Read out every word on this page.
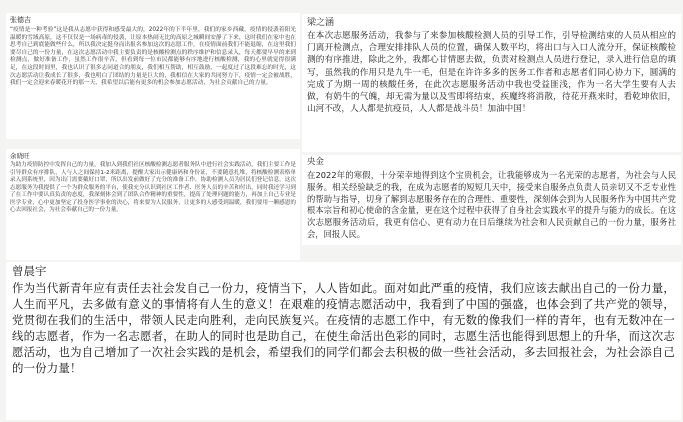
张德吉
“疫情是一种考验”这是我从志愿中获得和感受最大的，2022年的下半年里，我们的家乡西藏，疫情的侵袭着阳光温暖的雪域高原，这不仅仅是一场病毒的侵袭，让原本热闹无比的高原之城瞬间安静了下来，这时我们在家中也在思考自己到底能做些什么，所以我决定挺身而出报名参加这次的志愿工作，在疫情面前我们不能退缩，在这里我们要尽自己的一份力量，在这次志愿活动中我主要负责的是核酸检测点的秩序维护和信息录入，每天都要早早的来到检测点，做好准备工作，虽然工作很辛苦，但看到每一位市民都能够有序地进行核酸检测，我的心里就觉得很满足，在这段时间里，我也认识了很多志同道合的朋友，我们相互帮助，相互鼓励，一起度过了这段难忘的时光，这次志愿活动让我成长了很多，我也明白了团结的力量是巨大的，我相信在大家的共同努力下，疫情一定会被战胜，我们一定会迎来春暖花开的那一天，我希望以后能有更多的机会参加志愿活动，为社会贡献自己的力量。
梁之涵
在本次志愿服务活动，我参与了来参加核酸检测人员的引导工作，引导检测结束的人员从相应的门离开检测点，合理安排排队人员的位置，确保人数平均，将出口与入口人流分开，保证核酸检测的有序推进，除此之外，我都心甘情愿去做，负责对检测点人员进行登记，录入进行信息的填写，虽然我的作用只是九牛一毛，但是在许许多多的医务工作者和志愿者们同心协力下，圆满的完成了为期一周的核酸任务，在此次志愿服务活动中我也受益匪浅，作为一名大学生要有人去做，有奶牛的气魄，却无需为量以及雪即将结束，疾魔终将消散，待花开燕来时，看乾坤依旧，山河不改，人人都是抗疫员，人人都是战斗员！加油中国！
余晓旺
为助力疫情防控中发挥自己的力量，我加入到我们社区核酸检测志愿者服务队中进行社会实践活动，我们主要工作是引导群众有序排队，人与人之间保持1-2米距离，提醒大家出示健康码和身份证，不要随意扎堆，将核酸检测表格单录入到系统里，因为出门需要戴好口罩，所以出发前做好了充分的准备工作，协助检测人员为居民们登记信息，这次志愿服务为我提供了一个为群众服务的平台，使我充分认识到社区工作者、医务人员的辛苦和付出，同时我还学习到了在工作中要认真负责的态度，我深刻体会到了团队合作精神的重要性，提高了处理问题的能力，再加上自己专业是医学专业，心中更加坚定了投身医学事业的决心，将来要为人民服务，让更多的人感受到温暖，我们要用一颗感恩的心去回报社会，为社会奉献自己的一份力量。
央金
在2022年的寒假，十分荣幸地得到这个宝贵机会，让我能够成为一名光荣的志愿者，为社会与人民服务。相关经验缺乏的我，在成为志愿者的短短几天中，接受来自服务点负责人员亲切又不乏专业性的帮助与指导，切身了解到志愿服务存在的合理性、重要性，深刻体会到为人民服务作为中国共产党根本宗旨和初心使命的含金量，更在这个过程中获得了自身社会实践水平的提升与能力的成长。在这次志愿服务活动后，我更有信心、更有动力在日后继续为社会和人民贡献自己的一份力量，服务社会，回报人民。
曾晨宇
作为当代新青年应有责任去社会发自己一份力，疫情当下，人人皆如此。面对如此严重的疫情，我们应该去献出自己的一份力量，人生而平凡，去多做有意义的事情将有人生的意义！在艰难的疫情志愿活动中，我看到了中国的强盛，也体会到了共产党的领导，党贯彻在我们的生活中，带领人民走向胜利，走向民族复兴。在疫情的志愿工作中，有无数的像我们一样的青年，也有无数冲在一线的志愿者，作为一名志愿者，在助人的同时也是助自己，在使生命活出色彩的同时，志愿生活也能得到思想上的升华，而这次志愿活动，也为自己增加了一次社会实践的是机会，希望我们的同学们都会去积极的做一些社会活动，多去回报社会，为社会添自己的一份力量！
